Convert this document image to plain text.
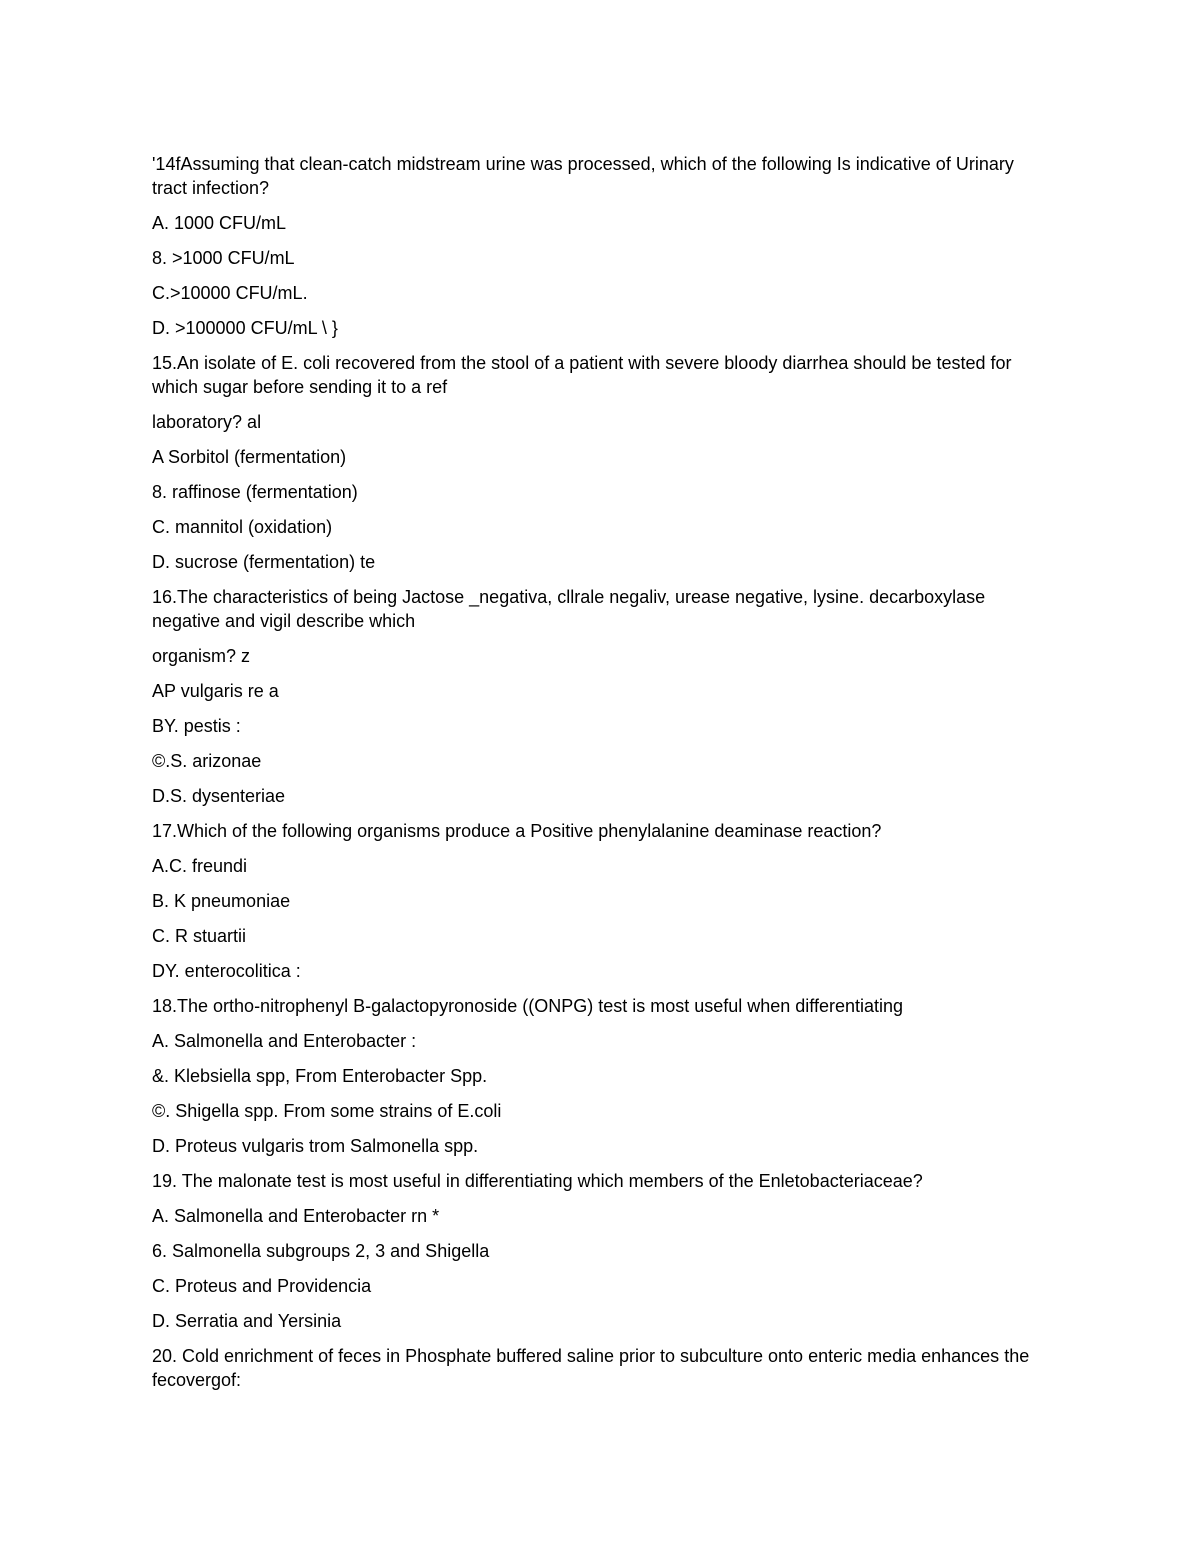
'14fAssuming that clean-catch midstream urine was processed, which of the following Is indicative of Urinary tract infection?

A. 1000 CFU/mL

8. >1000 CFU/mL

C.>10000 CFU/mL.

D. >100000 CFU/mL \ }

15.An isolate of E. coli recovered from the stool of a patient with severe bloody diarrhea should be tested for which sugar before sending it to a ref

laboratory? al

A Sorbitol (fermentation)

8. raffinose (fermentation)

C. mannitol (oxidation)

D. sucrose (fermentation) te

16.The characteristics of being Jactose _negativa, cllrale negaliv, urease negative, lysine. decarboxylase negative and vigil describe which

organism? z

AP vulgaris re a

BY. pestis :

©.S. arizonae

D.S. dysenteriae

17.Which of the following organisms produce a Positive phenylalanine deaminase reaction?

A.C. freundi

B. K pneumoniae

C. R stuartii

DY. enterocolitica :

18.The ortho-nitrophenyl B-galactopyronoside ((ONPG) test is most useful when differentiating

A. Salmonella and Enterobacter :

&. Klebsiella spp, From Enterobacter Spp.

©. Shigella spp. From some strains of E.coli

D. Proteus vulgaris trom Salmonella spp.

19. The malonate test is most useful in differentiating which members of the Enletobacteriaceae?

A. Salmonella and Enterobacter rn *

6. Salmonella subgroups 2, 3 and Shigella

C. Proteus and Providencia

D. Serratia and Yersinia

20. Cold enrichment of feces in Phosphate buffered saline prior to subculture onto enteric media enhances the fecovergof:
